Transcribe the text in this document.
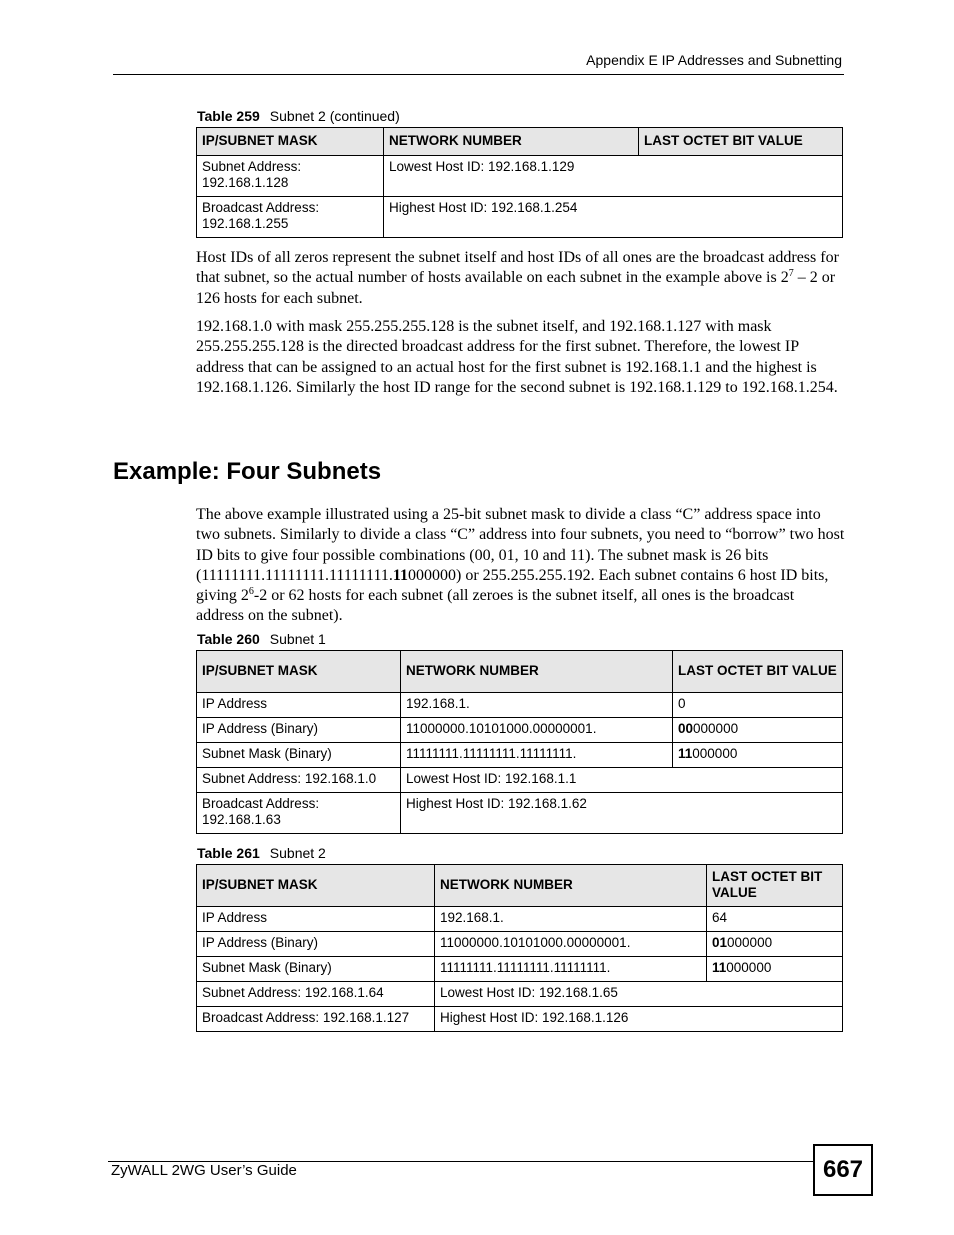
Appendix E IP Addresses and Subnetting
Table 259 Subnet 2 (continued)
IP/SUBNET MASK	NETWORK NUMBER	LAST OCTET BIT VALUE
Subnet Address: 192.168.1.128	Lowest Host ID: 192.168.1.129	
Broadcast Address: 192.168.1.255	Highest Host ID: 192.168.1.254	
Host IDs of all zeros represent the subnet itself and host IDs of all ones are the broadcast address for that subnet, so the actual number of hosts available on each subnet in the example above is $2^7 - 2$ or 126 hosts for each subnet.
192.168.1.0 with mask 255.255.255.128 is the subnet itself, and 192.168.1.127 with mask 255.255.255.128 is the directed broadcast address for the first subnet. Therefore, the lowest IP address that can be assigned to an actual host for the first subnet is 192.168.1.1 and the highest is 192.168.1.126. Similarly the host ID range for the second subnet is 192.168.1.129 to 192.168.1.254.
Example: Four Subnets
The above example illustrated using a 25-bit subnet mask to divide a class “C” address space into two subnets. Similarly to divide a class “C” address into four subnets, you need to “borrow” two host ID bits to give four possible combinations (00, 01, 10 and 11). The subnet mask is 26 bits (11111111.11111111.11111111.11000000) or 255.255.255.192. Each subnet contains 6 host ID bits, giving $2^6-2$ or 62 hosts for each subnet (all zeroes is the subnet itself, all ones is the broadcast address on the subnet).
Table 260 Subnet 1
IP/SUBNET MASK	NETWORK NUMBER	LAST OCTET BIT VALUE
IP Address	192.168.1.	0
IP Address (Binary)	11000000.10101000.00000001.	00000000
Subnet Mask (Binary)	11111111.11111111.11111111.	11000000
Subnet Address: 192.168.1.0	Lowest Host ID: 192.168.1.1	
Broadcast Address: 192.168.1.63	Highest Host ID: 192.168.1.62	
Table 261 Subnet 2
IP/SUBNET MASK	NETWORK NUMBER	LAST OCTET BIT VALUE
IP Address	192.168.1.	64
IP Address (Binary)	11000000.10101000.00000001.	01000000
Subnet Mask (Binary)	11111111.11111111.11111111.	11000000
Subnet Address: 192.168.1.64	Lowest Host ID: 192.168.1.65	
Broadcast Address: 192.168.1.127	Highest Host ID: 192.168.1.126	
ZyWALL 2WG User’s Guide	667
